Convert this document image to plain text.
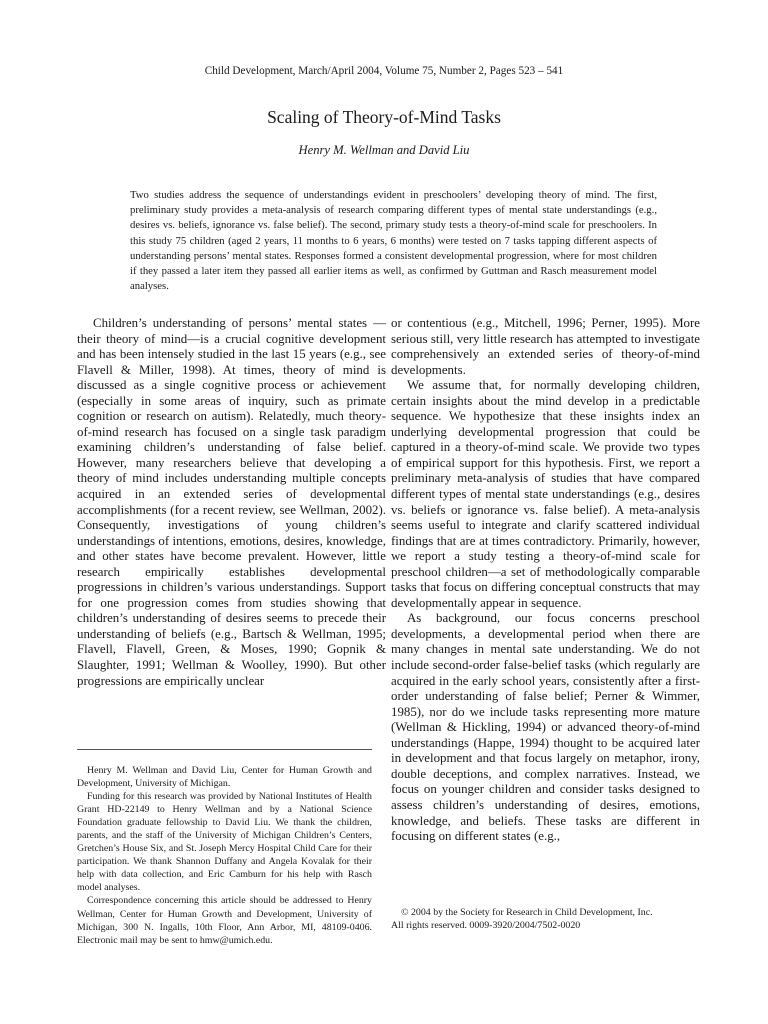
Child Development, March/April 2004, Volume 75, Number 2, Pages 523 – 541
Scaling of Theory-of-Mind Tasks
Henry M. Wellman and David Liu

Two studies address the sequence of understandings evident in preschoolers’ developing theory of mind. The first, preliminary study provides a meta-analysis of research comparing different types of mental state understandings (e.g., desires vs. beliefs, ignorance vs. false belief). The second, primary study tests a theory-of-mind scale for preschoolers. In this study 75 children (aged 2 years, 11 months to 6 years, 6 months) were tested on 7 tasks tapping different aspects of understanding persons’ mental states. Responses formed a consistent developmental progression, where for most children if they passed a later item they passed all earlier items as well, as confirmed by Guttman and Rasch measurement model analyses.

Children’s understanding of persons’ mental states —their theory of mind—is a crucial cognitive development and has been intensely studied in the last 15 years (e.g., see Flavell & Miller, 1998). At times, theory of mind is discussed as a single cognitive process or achievement (especially in some areas of inquiry, such as primate cognition or research on autism). Relatedly, much theory-of-mind research has focused on a single task paradigm examining children’s understanding of false belief. However, many researchers believe that developing a theory of mind includes understanding multiple concepts acquired in an extended series of developmental accomplishments (for a recent review, see Wellman, 2002). Consequently, investigations of young children’s understandings of intentions, emotions, desires, knowledge, and other states have become prevalent. However, little research empirically establishes developmental progressions in children’s various understandings. Support for one progression comes from studies showing that children’s understanding of desires seems to precede their understanding of beliefs (e.g., Bartsch & Wellman, 1995; Flavell, Flavell, Green, & Moses, 1990; Gopnik & Slaughter, 1991; Wellman & Woolley, 1990). But other progressions are empirically unclear

or contentious (e.g., Mitchell, 1996; Perner, 1995). More serious still, very little research has attempted to investigate comprehensively an extended series of theory-of-mind developments.

We assume that, for normally developing children, certain insights about the mind develop in a predictable sequence. We hypothesize that these insights index an underlying developmental progression that could be captured in a theory-of-mind scale. We provide two types of empirical support for this hypothesis. First, we report a preliminary meta-analysis of studies that have compared different types of mental state understandings (e.g., desires vs. beliefs or ignorance vs. false belief). A meta-analysis seems useful to integrate and clarify scattered individual findings that are at times contradictory. Primarily, however, we report a study testing a theory-of-mind scale for preschool children—a set of methodologically comparable tasks that focus on differing conceptual constructs that may developmentally appear in sequence.

As background, our focus concerns preschool developments, a developmental period when there are many changes in mental sate understanding. We do not include second-order false-belief tasks (which regularly are acquired in the early school years, consistently after a first-order understanding of false belief; Perner & Wimmer, 1985), nor do we include tasks representing more mature (Wellman & Hickling, 1994) or advanced theory-of-mind understandings (Happe, 1994) thought to be acquired later in development and that focus largely on metaphor, irony, double deceptions, and complex narratives. Instead, we focus on younger children and consider tasks designed to assess children’s understanding of desires, emotions, knowledge, and beliefs. These tasks are different in focusing on different states (e.g.,

Henry M. Wellman and David Liu, Center for Human Growth and Development, University of Michigan.

Funding for this research was provided by National Institutes of Health Grant HD-22149 to Henry Wellman and by a National Science Foundation graduate fellowship to David Liu. We thank the children, parents, and the staff of the University of Michigan Children’s Centers, Gretchen’s House Six, and St. Joseph Mercy Hospital Child Care for their participation. We thank Shannon Duffany and Angela Kovalak for their help with data collection, and Eric Camburn for his help with Rasch model analyses.

Correspondence concerning this article should be addressed to Henry Wellman, Center for Human Growth and Development, University of Michigan, 300 N. Ingalls, 10th Floor, Ann Arbor, MI, 48109-0406. Electronic mail may be sent to hmw@umich.edu.

© 2004 by the Society for Research in Child Development, Inc.

All rights reserved. 0009-3920/2004/7502-0020
